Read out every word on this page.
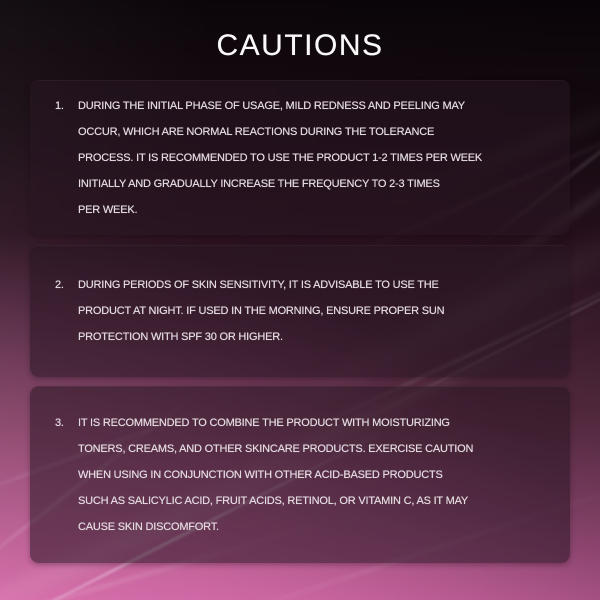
CAUTIONS
1.	DURING THE INITIAL PHASE OF USAGE, MILD REDNESS AND PEELING MAY
OCCUR, WHICH ARE NORMAL REACTIONS DURING THE TOLERANCE
PROCESS. IT IS RECOMMENDED TO USE THE PRODUCT 1-2 TIMES PER WEEK
INITIALLY AND GRADUALLY INCREASE THE FREQUENCY TO 2-3 TIMES
PER WEEK.
2.	DURING PERIODS OF SKIN SENSITIVITY, IT IS ADVISABLE TO USE THE
PRODUCT AT NIGHT. IF USED IN THE MORNING, ENSURE PROPER SUN
PROTECTION WITH SPF 30 OR HIGHER.
3.	IT IS RECOMMENDED TO COMBINE THE PRODUCT WITH MOISTURIZING
TONERS, CREAMS, AND OTHER SKINCARE PRODUCTS. EXERCISE CAUTION
WHEN USING IN CONJUNCTION WITH OTHER ACID-BASED PRODUCTS
SUCH AS SALICYLIC ACID, FRUIT ACIDS, RETINOL, OR VITAMIN C, AS IT MAY
CAUSE SKIN DISCOMFORT.
